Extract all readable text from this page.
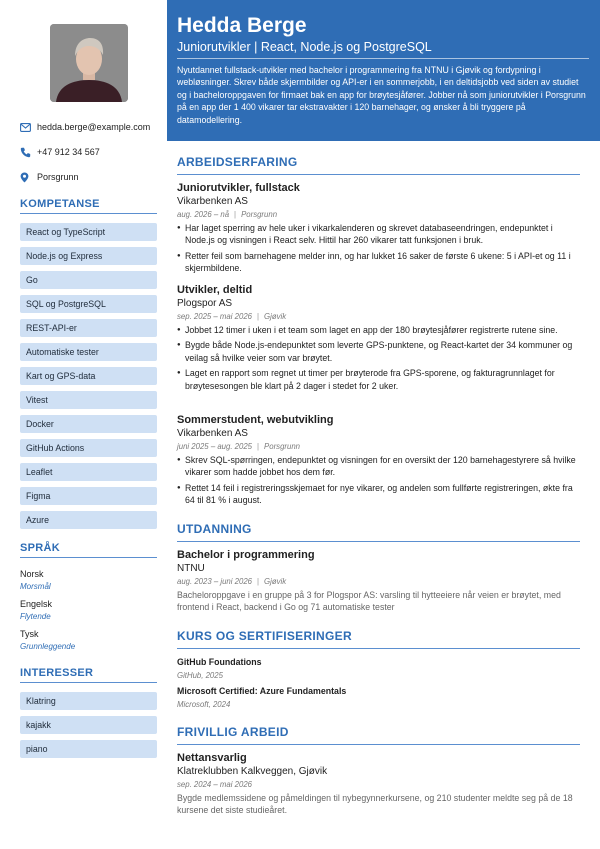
hedda.berge@example.com
+47 912 34 567
Porsgrunn
KOMPETANSE
React og TypeScript
Node.js og Express
Go
SQL og PostgreSQL
REST-API-er
Automatiske tester
Kart og GPS-data
Vitest
Docker
GitHub Actions
Leaflet
Figma
Azure
SPRÅK
Norsk
Morsmål
Engelsk
Flytende
Tysk
Grunnleggende
INTERESSER
Klatring
kajakk
piano
Hedda Berge
Juniorutvikler | React, Node.js og PostgreSQL
Nyutdannet fullstack-utvikler med bachelor i programmering fra NTNU i Gjøvik og fordypning i webløsninger. Skrev både skjermbilder og API-er i en sommerjobb, i en deltidsjobb ved siden av studiet og i bacheloroppgaven for firmaet bak en app for brøytesjåfører. Jobber nå som juniorutvikler i Porsgrunn på en app der 1 400 vikarer tar ekstravakter i 120 barnehager, og ønsker å bli tryggere på datamodellering.
ARBEIDSERFARING
Juniorutvikler, fullstack
Vikarbenken AS
aug. 2026 – nå | Porsgrunn
● Har laget sperring av hele uker i vikarkalenderen og skrevet databaseendringen, endepunktet i Node.js og visningen i React selv. Hittil har 260 vikarer tatt funksjonen i bruk.
● Retter feil som barnehagene melder inn, og har lukket 16 saker de første 6 ukene: 5 i API-et og 11 i skjermbildene.
Utvikler, deltid
Plogspor AS
sep. 2025 – mai 2026 | Gjøvik
● Jobbet 12 timer i uken i et team som laget en app der 180 brøytesjåfører registrerte rutene sine.
● Bygde både Node.js-endepunktet som leverte GPS-punktene, og React-kartet der 34 kommuner og veilag så hvilke veier som var brøytet.
● Laget en rapport som regnet ut timer per brøyterode fra GPS-sporene, og fakturagrunnlaget for brøytesesongen ble klart på 2 dager i stedet for 2 uker.
Sommerstudent, webutvikling
Vikarbenken AS
juni 2025 – aug. 2025 | Porsgrunn
● Skrev SQL-spørringen, endepunktet og visningen for en oversikt der 120 barnehagestyrere så hvilke vikarer som hadde jobbet hos dem før.
● Rettet 14 feil i registreringsskjemaet for nye vikarer, og andelen som fullførte registreringen, økte fra 64 til 81 % i august.
UTDANNING
Bachelor i programmering
NTNU
aug. 2023 – juni 2026 | Gjøvik
Bacheloroppgave i en gruppe på 3 for Plogspor AS: varsling til hytteeiere når veien er brøytet, med frontend i React, backend i Go og 71 automatiske tester
KURS OG SERTIFISERINGER
GitHub Foundations
GitHub, 2025
Microsoft Certified: Azure Fundamentals
Microsoft, 2024
FRIVILLIG ARBEID
Nettansvarlig
Klatreklubben Kalkveggen, Gjøvik
sep. 2024 – mai 2026
Bygde medlemssidene og påmeldingen til nybegynnerkursene, og 210 studenter meldte seg på de 18 kursene det siste studieåret.
